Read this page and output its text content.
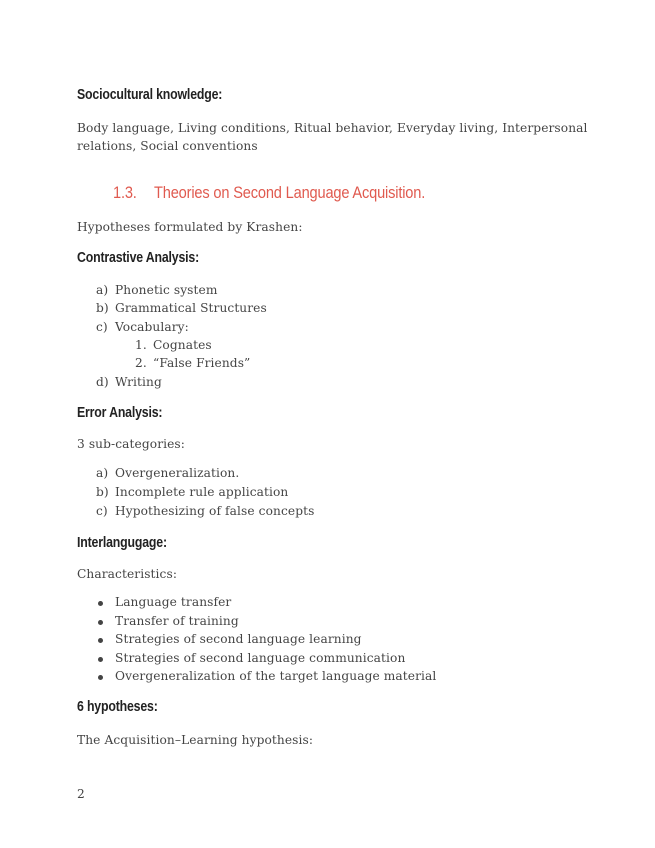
Sociocultural knowledge:
Body language, Living conditions, Ritual behavior, Everyday living, Interpersonal
relations, Social conventions
1.3. Theories on Second Language Acquisition.
Hypotheses formulated by Krashen:
Contrastive Analysis:
a) Phonetic system
b) Grammatical Structures
c) Vocabulary:
1. Cognates
2. “False Friends”
d) Writing
Error Analysis:
3 sub-categories:
a) Overgeneralization.
b) Incomplete rule application
c) Hypothesizing of false concepts
Interlangugage:
Characteristics:
Language transfer
Transfer of training
Strategies of second language learning
Strategies of second language communication
Overgeneralization of the target language material
6 hypotheses:
The Acquisition–Learning hypothesis:
2
